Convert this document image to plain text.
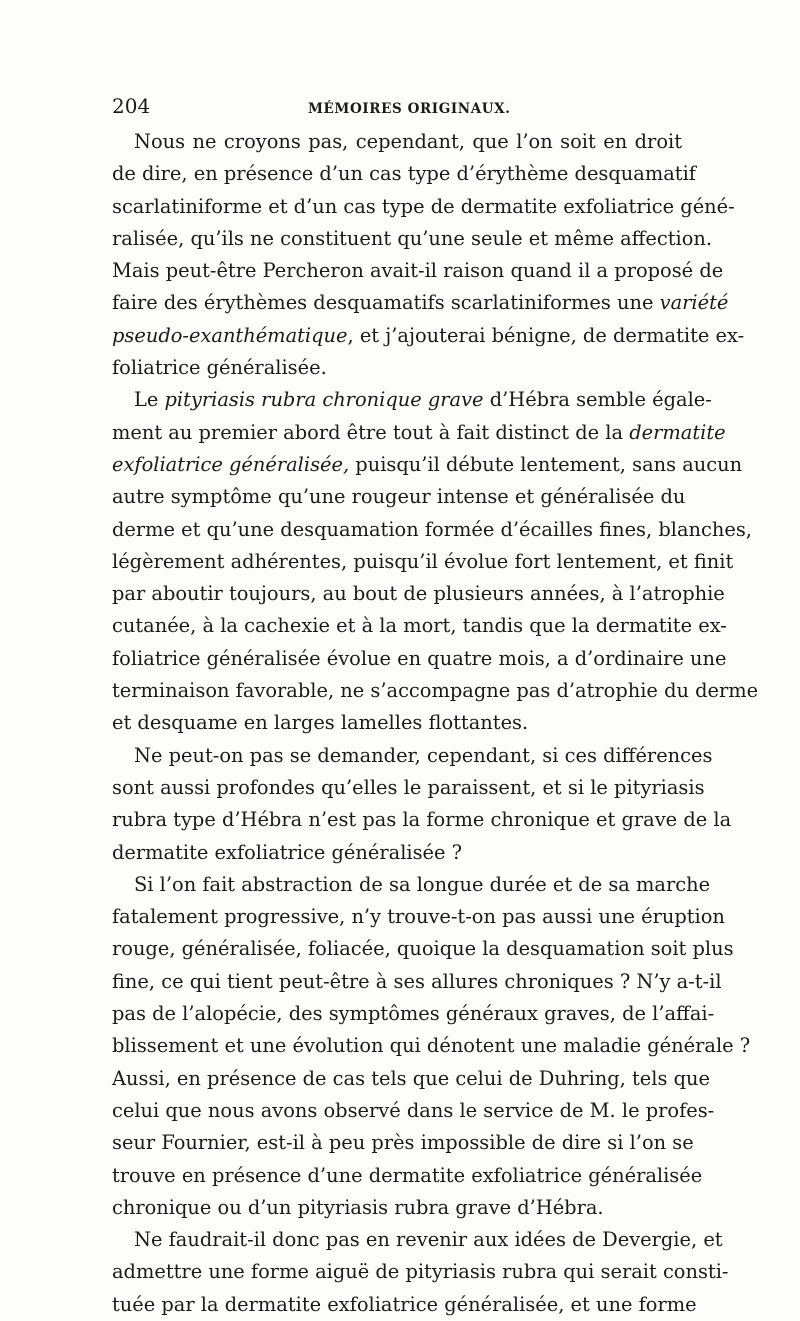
204	MÉMOIRES ORIGINAUX.
Nous ne croyons pas, cependant, que l’on soit en droit
de dire, en présence d’un cas type d’érythème desquamatif
scarlatiniforme et d’un cas type de dermatite exfoliatrice géné-
ralisée, qu’ils ne constituent qu’une seule et même affection.
Mais peut-être Percheron avait-il raison quand il a proposé de
faire des érythèmes desquamatifs scarlatiniformes une variété
pseudo-exanthématique, et j’ajouterai bénigne, de dermatite ex-
foliatrice généralisée.
Le pityriasis rubra chronique grave d’Hébra semble égale-
ment au premier abord être tout à fait distinct de la dermatite
exfoliatrice généralisée, puisqu’il débute lentement, sans aucun
autre symptôme qu’une rougeur intense et généralisée du
derme et qu’une desquamation formée d’écailles fines, blanches,
légèrement adhérentes, puisqu’il évolue fort lentement, et finit
par aboutir toujours, au bout de plusieurs années, à l’atrophie
cutanée, à la cachexie et à la mort, tandis que la dermatite ex-
foliatrice généralisée évolue en quatre mois, a d’ordinaire une
terminaison favorable, ne s’accompagne pas d’atrophie du derme
et desquame en larges lamelles flottantes.
Ne peut-on pas se demander, cependant, si ces différences
sont aussi profondes qu’elles le paraissent, et si le pityriasis
rubra type d’Hébra n’est pas la forme chronique et grave de la
dermatite exfoliatrice généralisée ?
Si l’on fait abstraction de sa longue durée et de sa marche
fatalement progressive, n’y trouve-t-on pas aussi une éruption
rouge, généralisée, foliacée, quoique la desquamation soit plus
fine, ce qui tient peut-être à ses allures chroniques ? N’y a-t-il
pas de l’alopécie, des symptômes généraux graves, de l’affai-
blissement et une évolution qui dénotent une maladie générale ?
Aussi, en présence de cas tels que celui de Duhring, tels que
celui que nous avons observé dans le service de M. le profes-
seur Fournier, est-il à peu près impossible de dire si l’on se
trouve en présence d’une dermatite exfoliatrice généralisée
chronique ou d’un pityriasis rubra grave d’Hébra.
Ne faudrait-il donc pas en revenir aux idées de Devergie, et
admettre une forme aiguë de pityriasis rubra qui serait consti-
tuée par la dermatite exfoliatrice généralisée, et une forme
